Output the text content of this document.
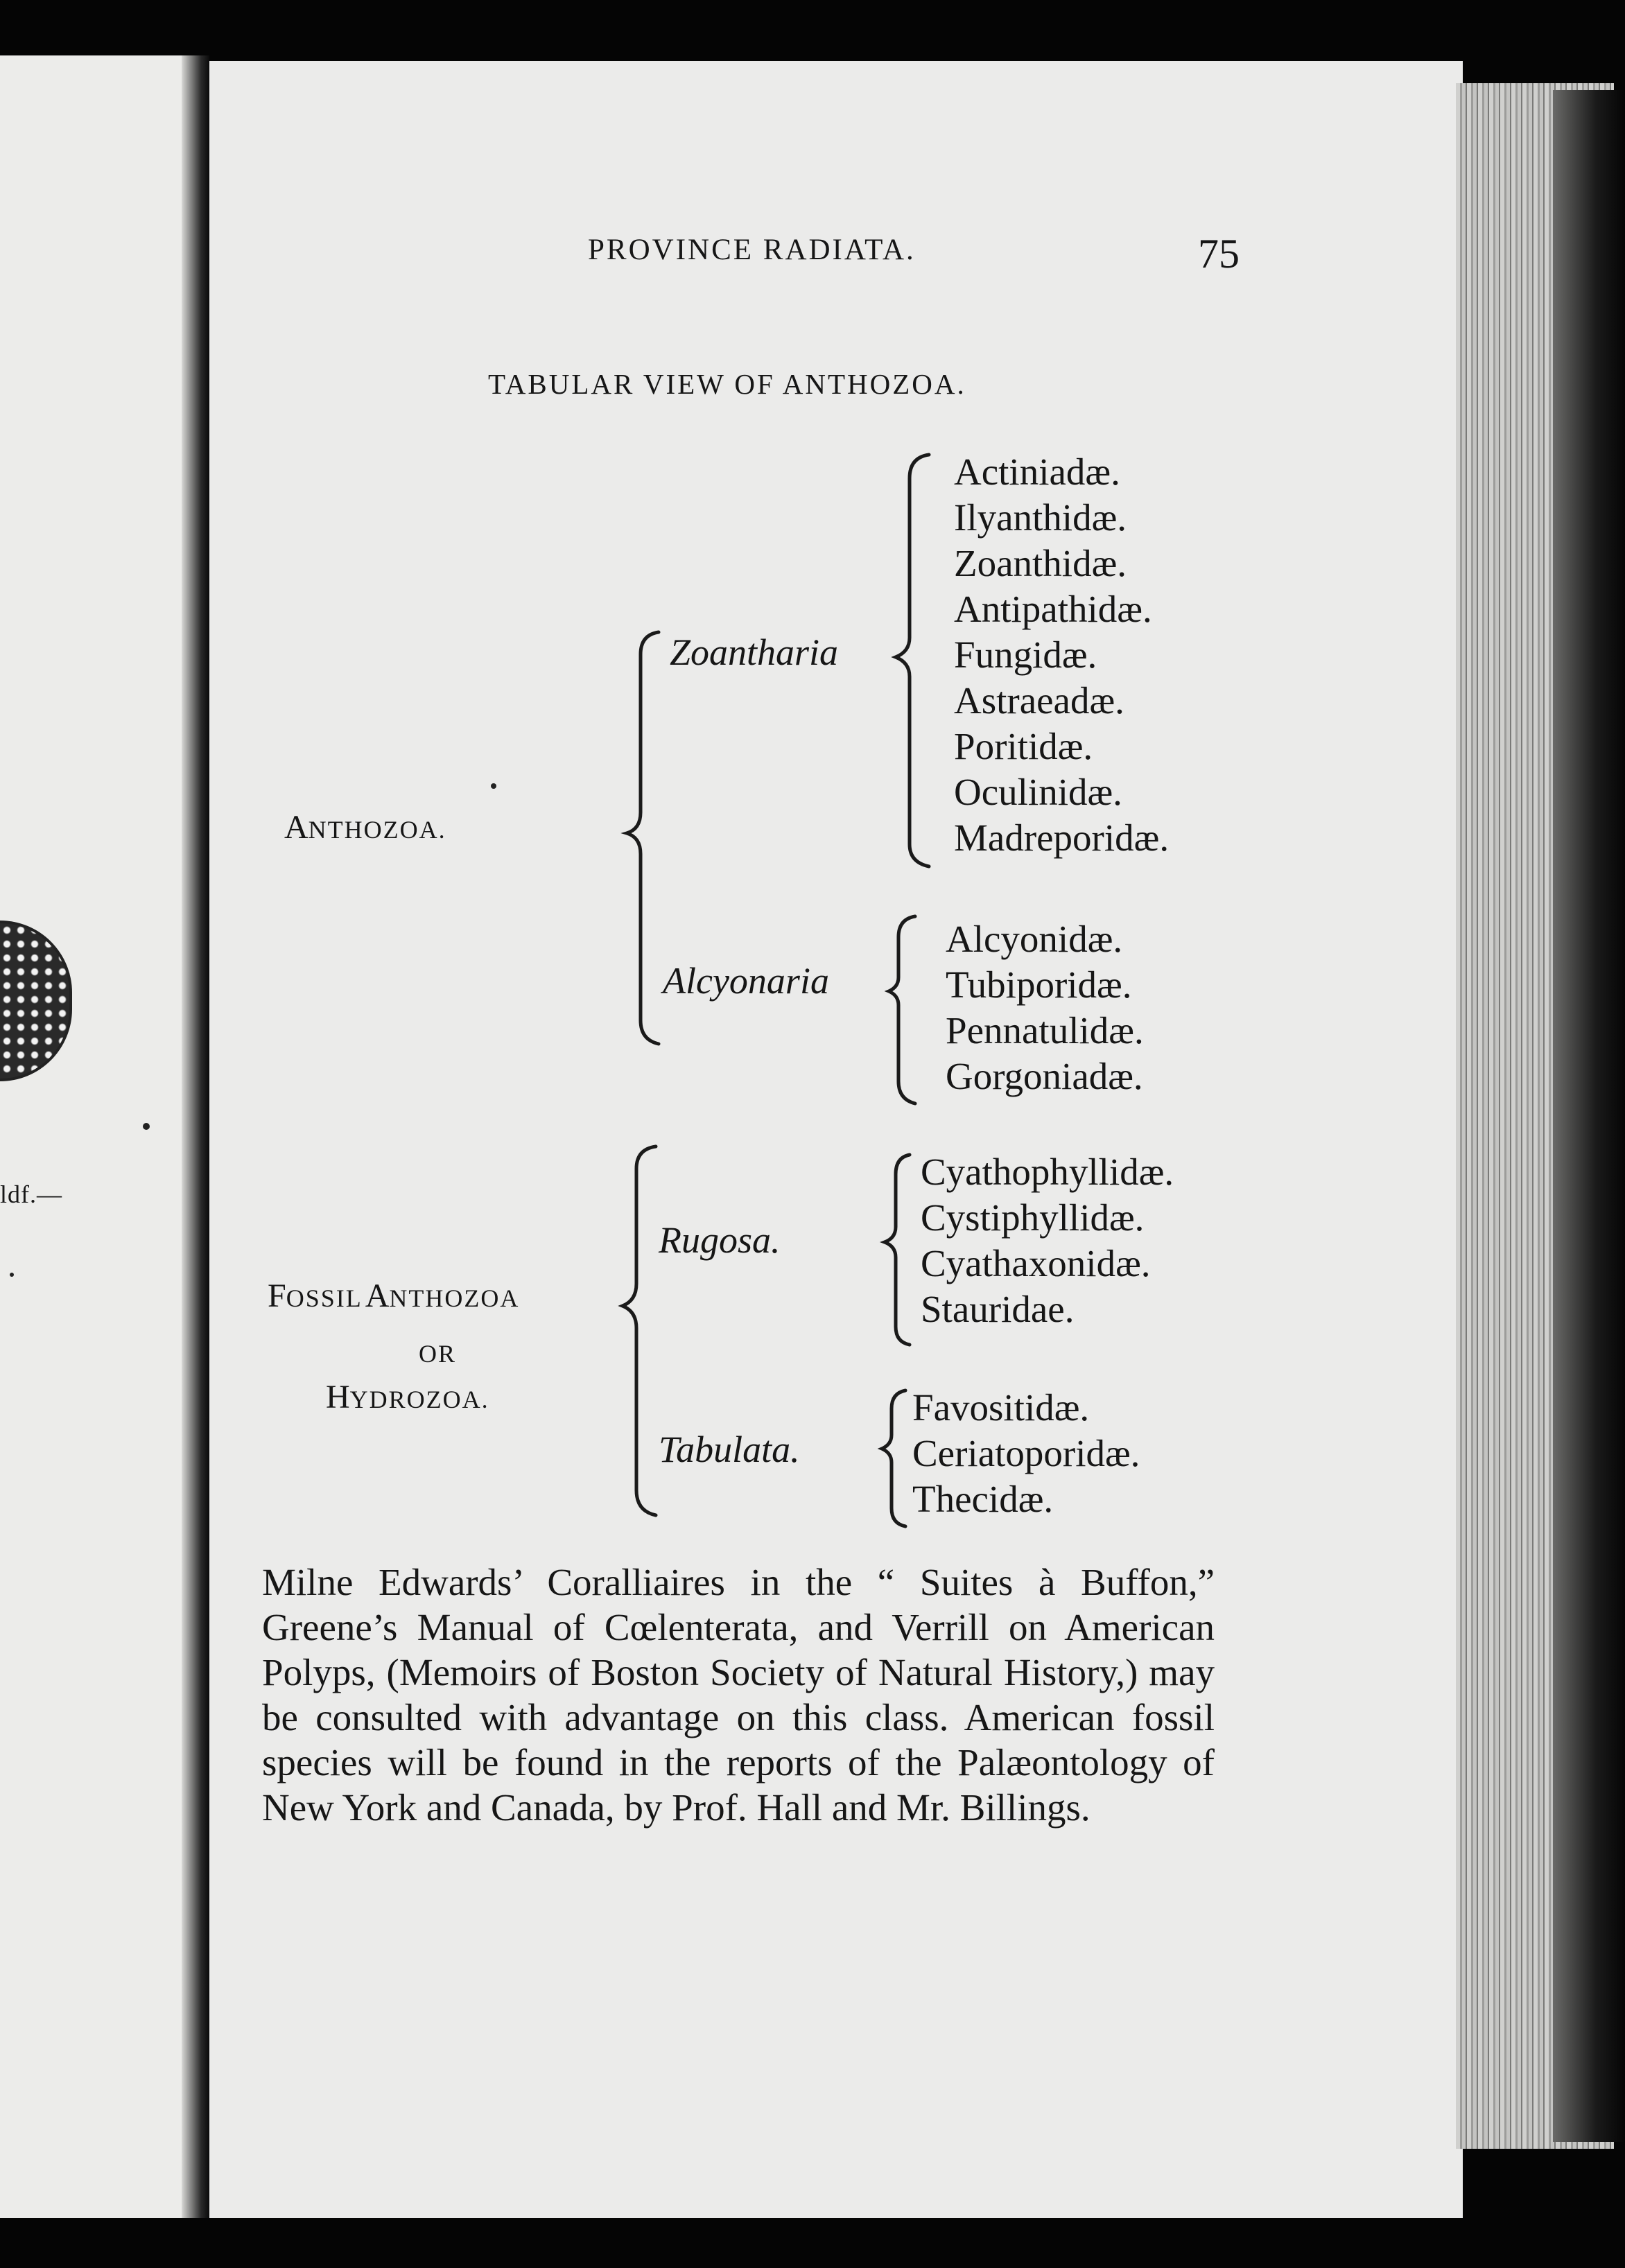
ldf.—
PROVINCE RADIATA.	75
TABULAR VIEW OF ANTHOZOA.
ANTHOZOA.
Zoantharia
Actiniadæ.
Ilyanthidæ.
Zoanthidæ.
Antipathidæ.
Fungidæ.
Astraeadæ.
Poritidæ.
Oculinidæ.
Madreporidæ.
Alcyonaria
Alcyonidæ.
Tubiporidæ.
Pennatulidæ.
Gorgoniadæ.
FOSSIL ANTHOZOA
OR
HYDROZOA.
Rugosa.
Cyathophyllidæ.
Cystiphyllidæ.
Cyathaxonidæ.
Stauridae.
Tabulata.
Favositidæ.
Ceriatoporidæ.
Thecidæ.
Milne Edwards’ Coralliaires in the “ Suites à Buffon,” Greene’s Manual of Cœlenterata, and Verrill on American Polyps, (Memoirs of Boston Society of Natural History,) may be consulted with advantage on this class. American fossil species will be found in the reports of the Palæontology of New York and Canada, by Prof. Hall and Mr. Billings.
